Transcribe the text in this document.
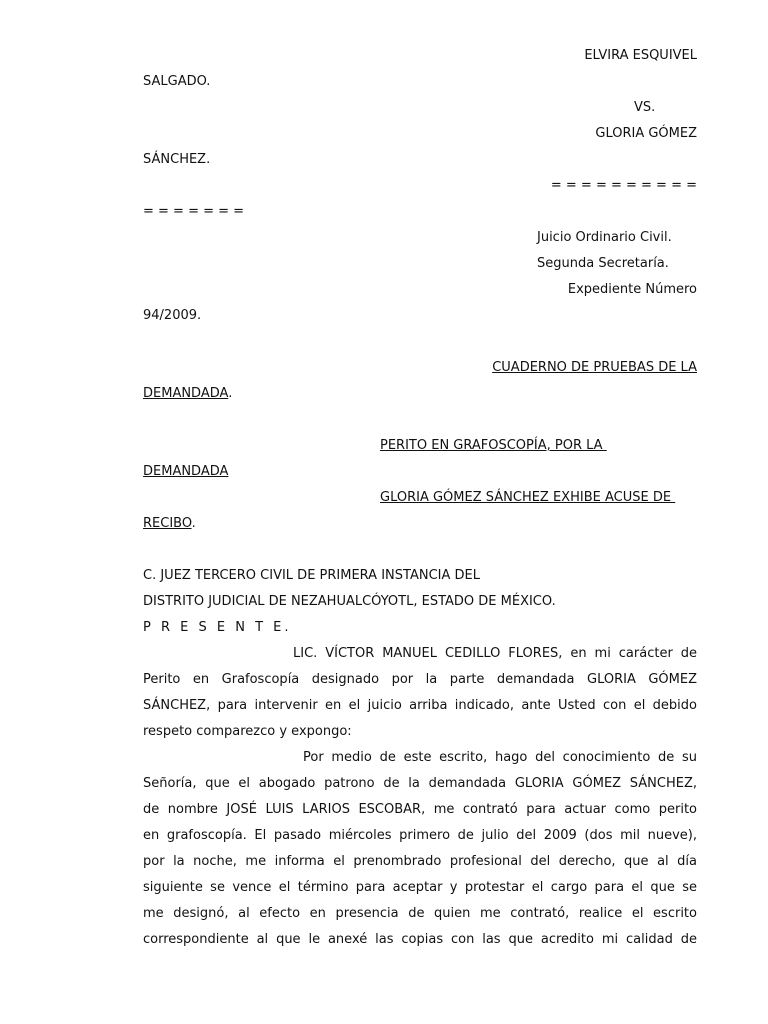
ELVIRA ESQUIVEL

SALGADO.

VS.

GLORIA GÓMEZ

SÁNCHEZ.

= = = = = = = = = =

= = = = = = =

Juicio Ordinario Civil.

Segunda Secretaría.

Expediente Número

94/2009.

CUADERNO DE PRUEBAS DE LA

DEMANDADA.

PERITO EN GRAFOSCOPÍA, POR LA

DEMANDADA

GLORIA GÓMEZ SÁNCHEZ EXHIBE ACUSE DE

RECIBO.

C. JUEZ TERCERO CIVIL DE PRIMERA INSTANCIA DEL

DISTRITO JUDICIAL DE NEZAHUALCÓYOTL, ESTADO DE MÉXICO.

P R E S E N T E.

LIC. VÍCTOR MANUEL CEDILLO FLORES, en mi carácter de

Perito en Grafoscopía designado por la parte demandada GLORIA GÓMEZ

SÁNCHEZ, para intervenir en el juicio arriba indicado, ante Usted con el debido

respeto comparezco y expongo:

Por medio de este escrito, hago del conocimiento de su

Señoría, que el abogado patrono de la demandada GLORIA GÓMEZ SÁNCHEZ,

de nombre JOSÉ LUIS LARIOS ESCOBAR, me contrató para actuar como perito

en grafoscopía. El pasado miércoles primero de julio del 2009 (dos mil nueve),

por la noche, me informa el prenombrado profesional del derecho, que al día

siguiente se vence el término para aceptar y protestar el cargo para el que se

me designó, al efecto en presencia de quien me contrató, realice el escrito

correspondiente al que le anexé las copias con las que acredito mi calidad de
